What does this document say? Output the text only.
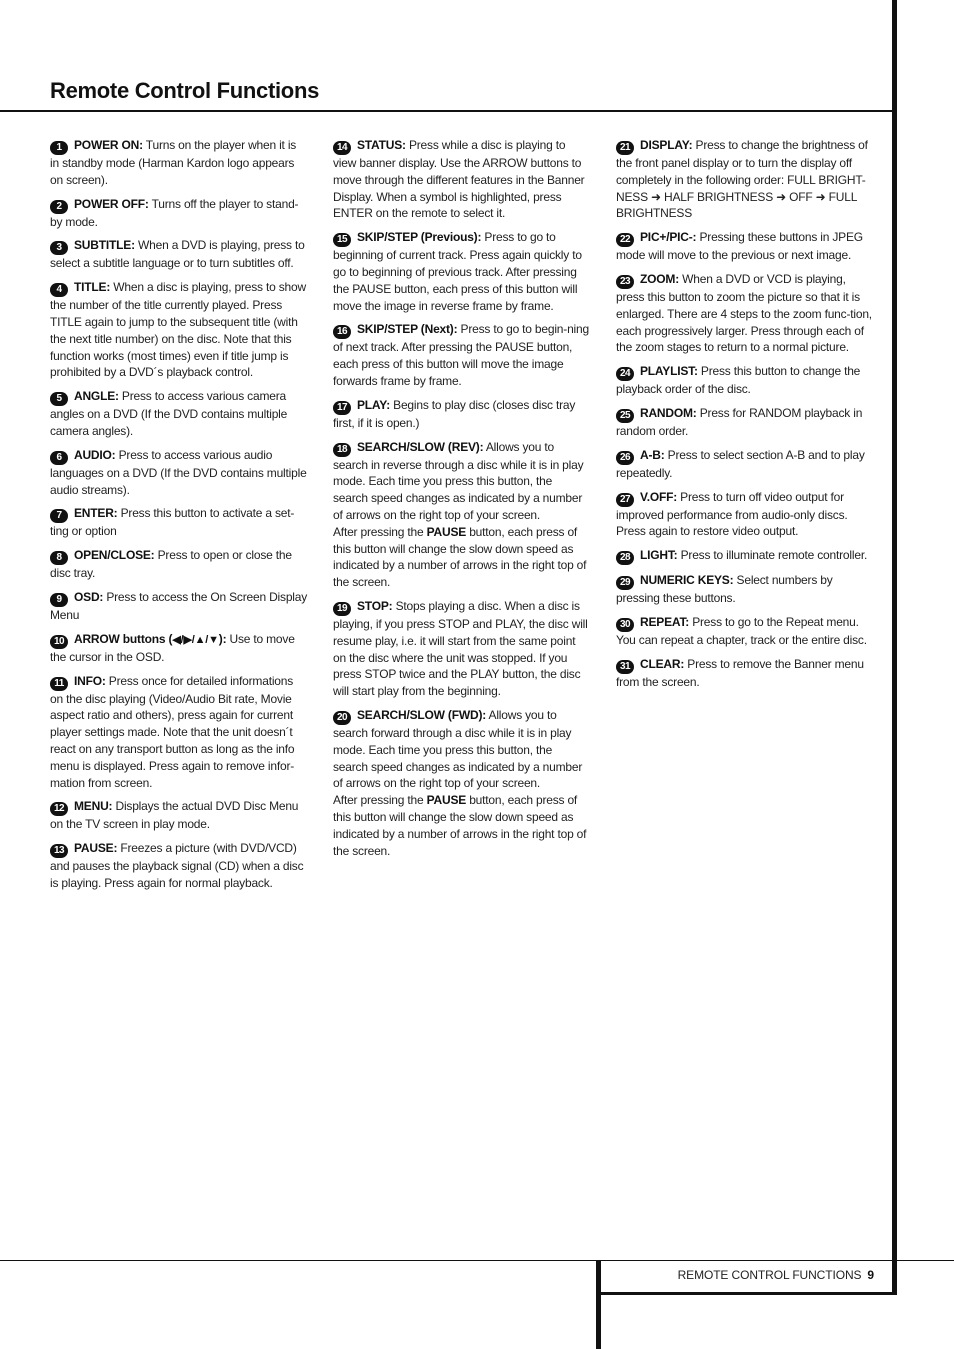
Remote Control Functions

1 POWER ON: Turns on the player when it is in standby mode (Harman Kardon logo appears on screen).

2 POWER OFF: Turns off the player to stand-by mode.

3 SUBTITLE: When a DVD is playing, press to select a subtitle language or to turn subtitles off.

4 TITLE: When a disc is playing, press to show the number of the title currently played. Press TITLE again to jump to the subsequent title (with the next title number) on the disc. Note that this function works (most times) even if title jump is prohibited by a DVD´s playback control.

5 ANGLE: Press to access various camera angles on a DVD (If the DVD contains multiple camera angles).

6 AUDIO: Press to access various audio languages on a DVD (If the DVD contains multiple audio streams).

7 ENTER: Press this button to activate a set-ting or option

8 OPEN/CLOSE: Press to open or close the disc tray.

9 OSD: Press to access the On Screen Display Menu

10 ARROW buttons (◀/▶/▲/▼): Use to move the cursor in the OSD.

11 INFO: Press once for detailed informations on the disc playing (Video/Audio Bit rate, Movie aspect ratio and others), press again for current player settings made. Note that the unit doesn´t react on any transport button as long as the info menu is displayed. Press again to remove infor-mation from screen.

12 MENU: Displays the actual DVD Disc Menu on the TV screen in play mode.

13 PAUSE: Freezes a picture (with DVD/VCD) and pauses the playback signal (CD) when a disc is playing. Press again for normal playback.

14 STATUS: Press while a disc is playing to view banner display. Use the ARROW buttons to move through the different features in the Banner Display. When a symbol is highlighted, press ENTER on the remote to select it.

15 SKIP/STEP (Previous): Press to go to beginning of current track. Press again quickly to go to beginning of previous track. After pressing the PAUSE button, each press of this button will move the image in reverse frame by frame.

16 SKIP/STEP (Next): Press to go to begin-ning of next track. After pressing the PAUSE button, each press of this button will move the image forwards frame by frame.

17 PLAY: Begins to play disc (closes disc tray first, if it is open.)

18 SEARCH/SLOW (REV): Allows you to search in reverse through a disc while it is in play mode. Each time you press this button, the search speed changes as indicated by a number of arrows on the right top of your screen.
After pressing the PAUSE button, each press of this button will change the slow down speed as indicated by a number of arrows in the right top of the screen.

19 STOP: Stops playing a disc. When a disc is playing, if you press STOP and PLAY, the disc will resume play, i.e. it will start from the same point on the disc where the unit was stopped. If you press STOP twice and the PLAY button, the disc will start play from the beginning.

20 SEARCH/SLOW (FWD): Allows you to search forward through a disc while it is in play mode. Each time you press this button, the search speed changes as indicated by a number of arrows on the right top of your screen.
After pressing the PAUSE button, each press of this button will change the slow down speed as indicated by a number of arrows in the right top of the screen.

21 DISPLAY: Press to change the brightness of the front panel display or to turn the display off completely in the following order: FULL BRIGHT-NESS ➜ HALF BRIGHTNESS ➜ OFF ➜ FULL BRIGHTNESS

22 PIC+/PIC-: Pressing these buttons in JPEG mode will move to the previous or next image.

23 ZOOM: When a DVD or VCD is playing, press this button to zoom the picture so that it is enlarged. There are 4 steps to the zoom func-tion, each progressively larger. Press through each of the zoom stages to return to a normal picture.

24 PLAYLIST: Press this button to change the playback order of the disc.

25 RANDOM: Press for RANDOM playback in random order.

26 A-B: Press to select section A-B and to play repeatedly.

27 V.OFF: Press to turn off video output for improved performance from audio-only discs. Press again to restore video output.

28 LIGHT: Press to illuminate remote controller.

29 NUMERIC KEYS: Select numbers by pressing these buttons.

30 REPEAT: Press to go to the Repeat menu. You can repeat a chapter, track or the entire disc.

31 CLEAR: Press to remove the Banner menu from the screen.

REMOTE CONTROL FUNCTIONS 9
